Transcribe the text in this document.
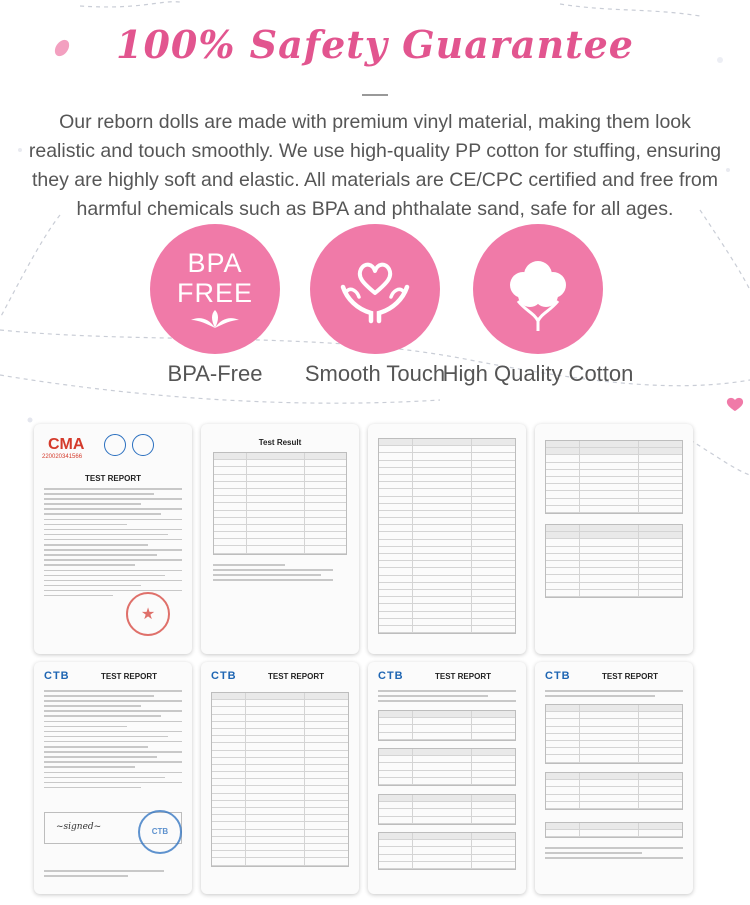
100% Safety Guarantee

Our reborn dolls are made with premium vinyl material, making them look realistic and touch smoothly. We use high-quality PP cotton for stuffing, ensuring they are highly soft and elastic. All materials are CE/CPC certified and free from harmful chemicals such as BPA and phthalate sand, safe for all ages.

BPA
FREE
BPA-Free	Smooth Touch
High Quality Cotton
CMA
220020341566
TEST REPORT
★
Test Result
CTB	TEST REPORT
~signed~
CTB
CTB	TEST REPORT	CTB	TEST REPORT	CTB	TEST REPORT
